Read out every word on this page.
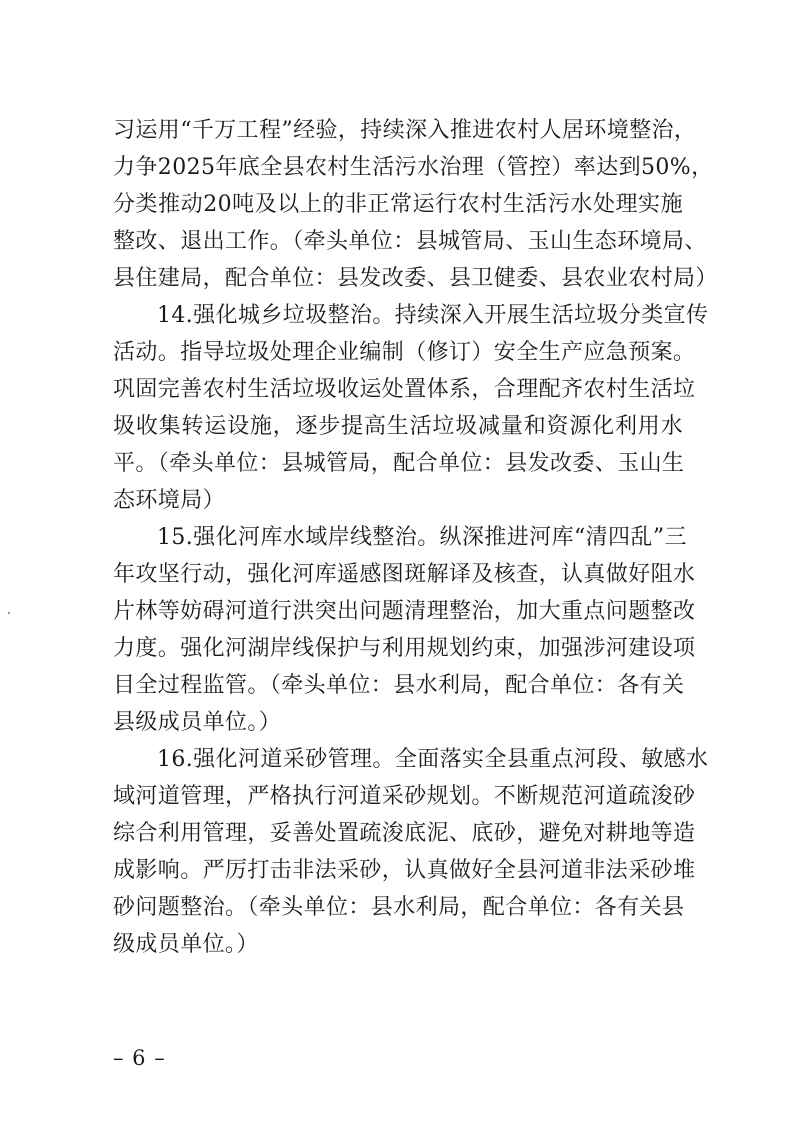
习运用“千万工程”经验，持续深入推进农村人居环境整治，
力争2025年底全县农村生活污水治理（管控）率达到50%，
分类推动20吨及以上的非正常运行农村生活污水处理实施
整改、退出工作。（牵头单位：县城管局、玉山生态环境局、
县住建局，配合单位：县发改委、县卫健委、县农业农村局）
14.强化城乡垃圾整治。持续深入开展生活垃圾分类宣传
活动。指导垃圾处理企业编制（修订）安全生产应急预案。
巩固完善农村生活垃圾收运处置体系，合理配齐农村生活垃
圾收集转运设施，逐步提高生活垃圾减量和资源化利用水
平。（牵头单位：县城管局，配合单位：县发改委、玉山生
态环境局）
15.强化河库水域岸线整治。纵深推进河库“清四乱”三
年攻坚行动，强化河库遥感图斑解译及核查，认真做好阻水
片林等妨碍河道行洪突出问题清理整治，加大重点问题整改
力度。强化河湖岸线保护与利用规划约束，加强涉河建设项
目全过程监管。（牵头单位：县水利局，配合单位：各有关
县级成员单位。）
16.强化河道采砂管理。全面落实全县重点河段、敏感水
域河道管理，严格执行河道采砂规划。不断规范河道疏浚砂
综合利用管理，妥善处置疏浚底泥、底砂，避免对耕地等造
成影响。严厉打击非法采砂，认真做好全县河道非法采砂堆
砂问题整治。（牵头单位：县水利局，配合单位：各有关县
级成员单位。）
– 6 –
